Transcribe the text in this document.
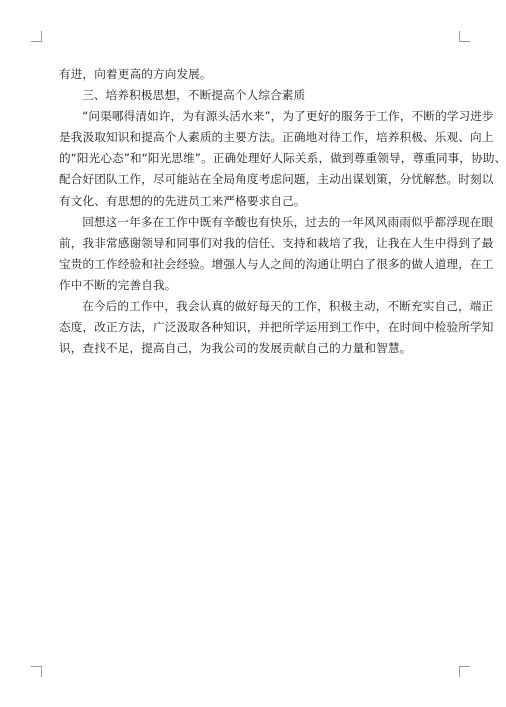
有进，向着更高的方向发展。
三、培养积极思想，不断提高个人综合素质
“问渠哪得清如许，为有源头活水来”，为了更好的服务于工作，不断的学习进步
是我汲取知识和提高个人素质的主要方法。正确地对待工作，培养积极、乐观、向上
的“阳光心态”和“阳光思维”。正确处理好人际关系，做到尊重领导，尊重同事，协助、
配合好团队工作，尽可能站在全局角度考虑问题，主动出谋划策，分忧解愁。时刻以
有文化、有思想的的先进员工来严格要求自己。
回想这一年多在工作中既有辛酸也有快乐，过去的一年风风雨雨似乎都浮现在眼
前，我非常感谢领导和同事们对我的信任、支持和栽培了我，让我在人生中得到了最
宝贵的工作经验和社会经验。增强人与人之间的沟通让明白了很多的做人道理，在工
作中不断的完善自我。
在今后的工作中，我会认真的做好每天的工作，积极主动，不断充实自己，端正
态度，改正方法，广泛汲取各种知识，并把所学运用到工作中，在时间中检验所学知
识，查找不足，提高自己，为我公司的发展贡献自己的力量和智慧。
